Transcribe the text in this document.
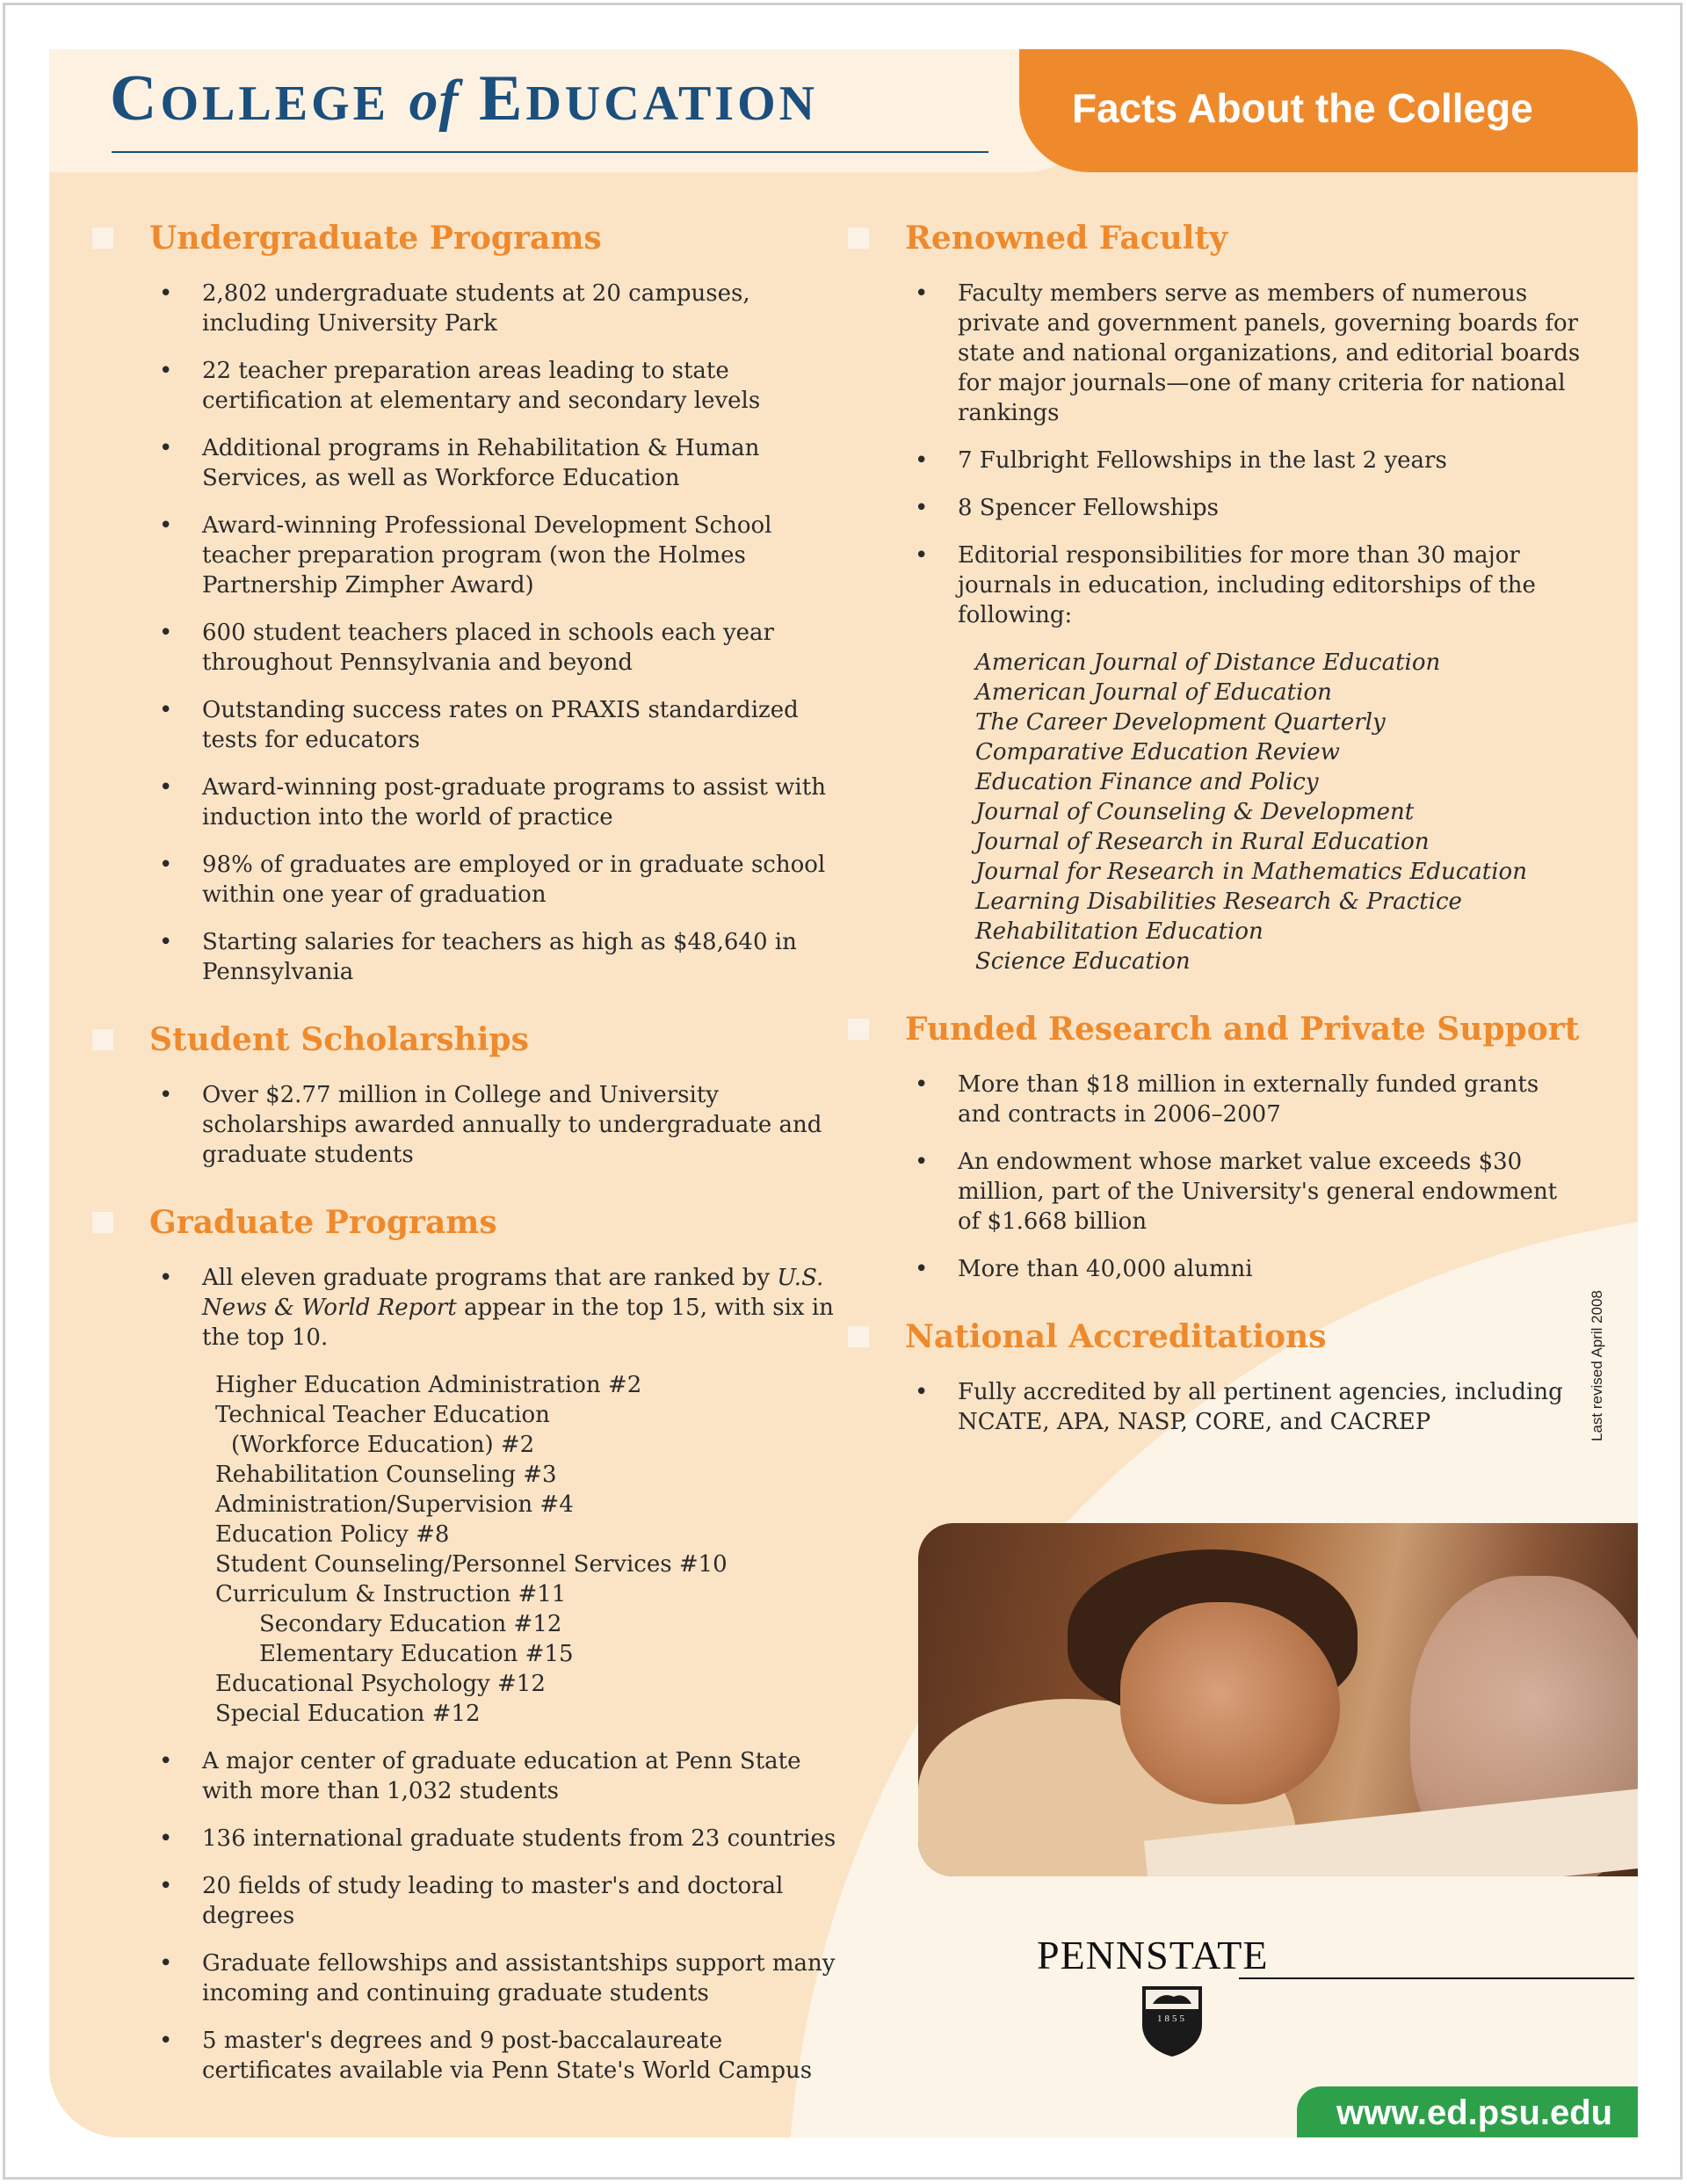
COLLEGE of EDUCATION	Facts About the College
Undergraduate Programs
• 2,802 undergraduate students at 20 campuses, including University Park
• 22 teacher preparation areas leading to state certification at elementary and secondary levels
• Additional programs in Rehabilitation & Human Services, as well as Workforce Education
• Award-winning Professional Development School teacher preparation program (won the Holmes Partnership Zimpher Award)
• 600 student teachers placed in schools each year throughout Pennsylvania and beyond
• Outstanding success rates on PRAXIS standardized tests for educators
• Award-winning post-graduate programs to assist with induction into the world of practice
• 98% of graduates are employed or in graduate school within one year of graduation
• Starting salaries for teachers as high as $48,640 in Pennsylvania
Student Scholarships
• Over $2.77 million in College and University scholarships awarded annually to undergraduate and graduate students
Graduate Programs
• All eleven graduate programs that are ranked by U.S. News & World Report appear in the top 15, with six in the top 10.
Higher Education Administration #2
Technical Teacher Education
(Workforce Education) #2
Rehabilitation Counseling #3
Administration/Supervision #4
Education Policy #8
Student Counseling/Personnel Services #10
Curriculum & Instruction #11
Secondary Education #12
Elementary Education #15
Educational Psychology #12
Special Education #12
• A major center of graduate education at Penn State with more than 1,032 students
• 136 international graduate students from 23 countries
• 20 fields of study leading to master's and doctoral degrees
• Graduate fellowships and assistantships support many incoming and continuing graduate students
• 5 master's degrees and 9 post-baccalaureate certificates available via Penn State's World Campus
Renowned Faculty
• Faculty members serve as members of numerous private and government panels, governing boards for state and national organizations, and editorial boards for major journals—one of many criteria for national rankings
• 7 Fulbright Fellowships in the last 2 years
• 8 Spencer Fellowships
• Editorial responsibilities for more than 30 major journals in education, including editorships of the following:
American Journal of Distance Education
American Journal of Education
The Career Development Quarterly
Comparative Education Review
Education Finance and Policy
Journal of Counseling & Development
Journal of Research in Rural Education
Journal for Research in Mathematics Education
Learning Disabilities Research & Practice
Rehabilitation Education
Science Education
Funded Research and Private Support
• More than $18 million in externally funded grants and contracts in 2006–2007
• An endowment whose market value exceeds $30 million, part of the University's general endowment of $1.668 billion
• More than 40,000 alumni
National Accreditations
• Fully accredited by all pertinent agencies, including NCATE, APA, NASP, CORE, and CACREP	Last revised April 2008
PENNSTATE
1855
www.ed.psu.edu
